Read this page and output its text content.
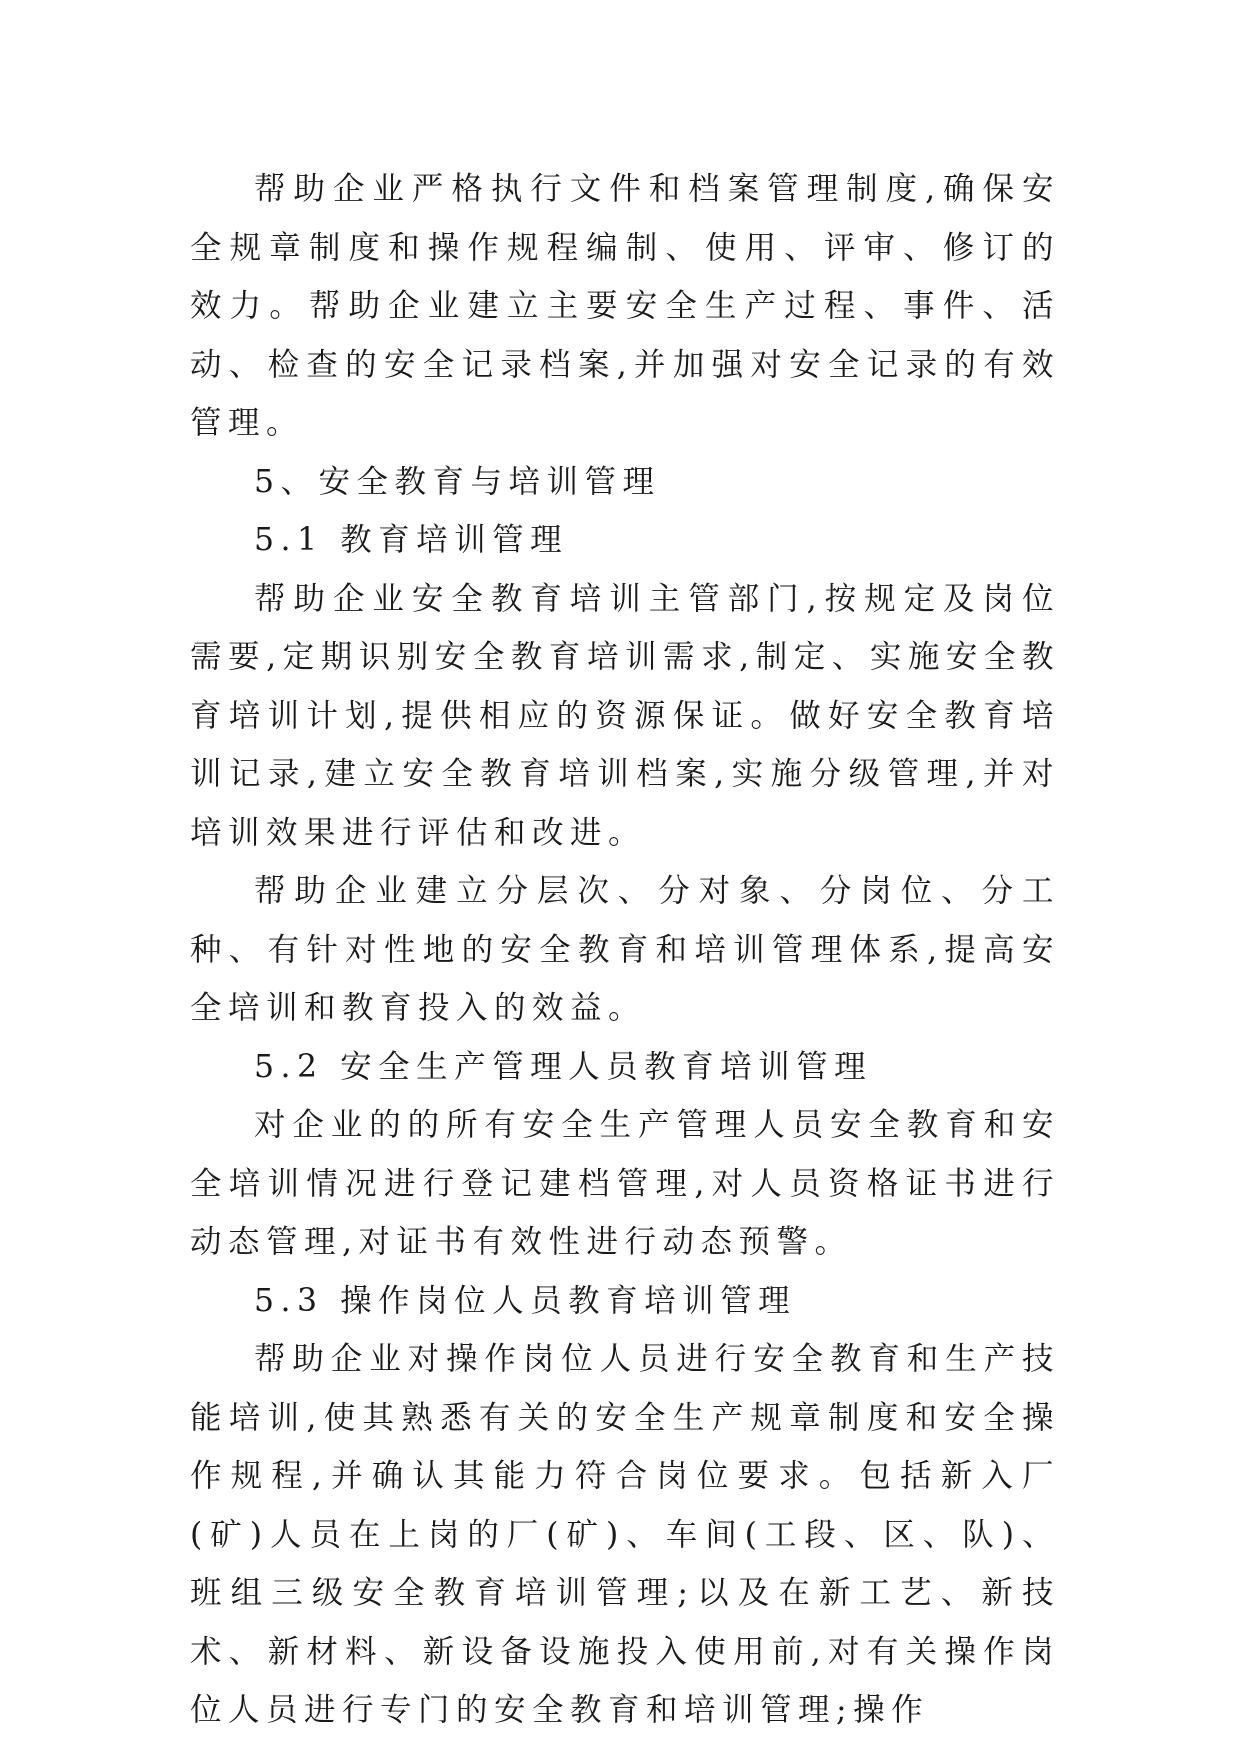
帮助企业严格执行文件和档案管理制度,确保安全规章制度和操作规程编制、使用、评审、修订的效力。帮助企业建立主要安全生产过程、事件、活动、检查的安全记录档案,并加强对安全记录的有效管理。

5、安全教育与培训管理

5.1 教育培训管理

帮助企业安全教育培训主管部门,按规定及岗位需要,定期识别安全教育培训需求,制定、实施安全教育培训计划,提供相应的资源保证。做好安全教育培训记录,建立安全教育培训档案,实施分级管理,并对培训效果进行评估和改进。

帮助企业建立分层次、分对象、分岗位、分工种、有针对性地的安全教育和培训管理体系,提高安全培训和教育投入的效益。

5.2 安全生产管理人员教育培训管理

对企业的的所有安全生产管理人员安全教育和安全培训情况进行登记建档管理,对人员资格证书进行动态管理,对证书有效性进行动态预警。

5.3 操作岗位人员教育培训管理

帮助企业对操作岗位人员进行安全教育和生产技能培训,使其熟悉有关的安全生产规章制度和安全操作规程,并确认其能力符合岗位要求。包括新入厂(矿)人员在上岗的厂(矿)、车间(工段、区、队)、班组三级安全教育培训管理;以及在新工艺、新技术、新材料、新设备设施投入使用前,对有关操作岗位人员进行专门的安全教育和培训管理;操作
